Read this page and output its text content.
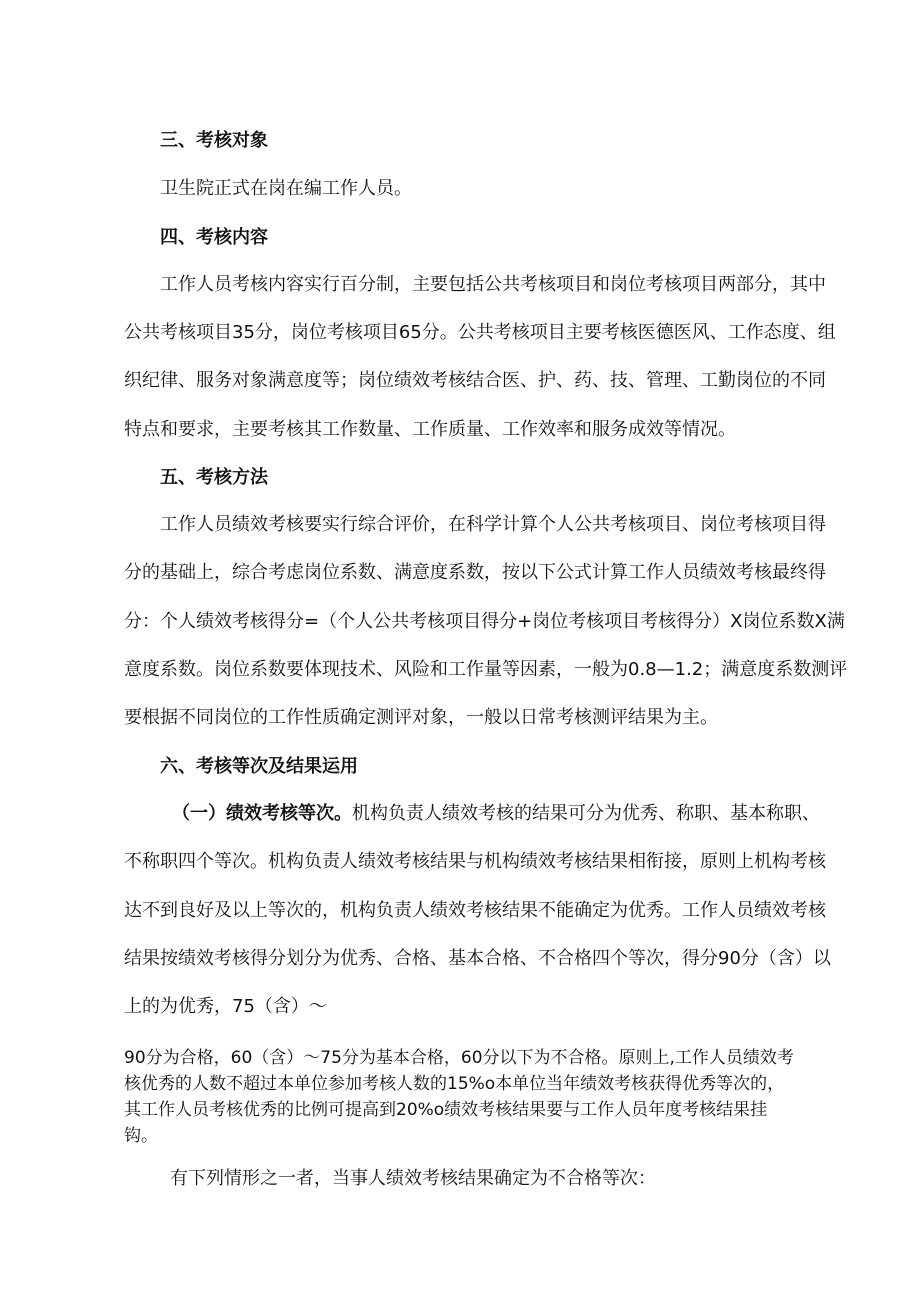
三、考核对象
卫生院正式在岗在编工作人员。
四、考核内容
工作人员考核内容实行百分制，主要包括公共考核项目和岗位考核项目两部分，其中
公共考核项目35分，岗位考核项目65分。公共考核项目主要考核医德医风、工作态度、组
织纪律、服务对象满意度等；岗位绩效考核结合医、护、药、技、管理、工勤岗位的不同
特点和要求，主要考核其工作数量、工作质量、工作效率和服务成效等情况。
五、考核方法
工作人员绩效考核要实行综合评价，在科学计算个人公共考核项目、岗位考核项目得
分的基础上，综合考虑岗位系数、满意度系数，按以下公式计算工作人员绩效考核最终得
分：个人绩效考核得分=（个人公共考核项目得分+岗位考核项目考核得分）X岗位系数X满
意度系数。岗位系数要体现技术、风险和工作量等因素，一般为0.8—1.2；满意度系数测评
要根据不同岗位的工作性质确定测评对象，一般以日常考核测评结果为主。
六、考核等次及结果运用
（一）绩效考核等次。机构负责人绩效考核的结果可分为优秀、称职、基本称职、
不称职四个等次。机构负责人绩效考核结果与机构绩效考核结果相衔接，原则上机构考核
达不到良好及以上等次的，机构负责人绩效考核结果不能确定为优秀。工作人员绩效考核
结果按绩效考核得分划分为优秀、合格、基本合格、不合格四个等次，得分90分（含）以
上的为优秀，75（含）～
90分为合格，60（含）～75分为基本合格，60分以下为不合格。原则上,工作人员绩效考
核优秀的人数不超过本单位参加考核人数的15%o本单位当年绩效考核获得优秀等次的，
其工作人员考核优秀的比例可提高到20%o绩效考核结果要与工作人员年度考核结果挂
钩。
有下列情形之一者，当事人绩效考核结果确定为不合格等次：
